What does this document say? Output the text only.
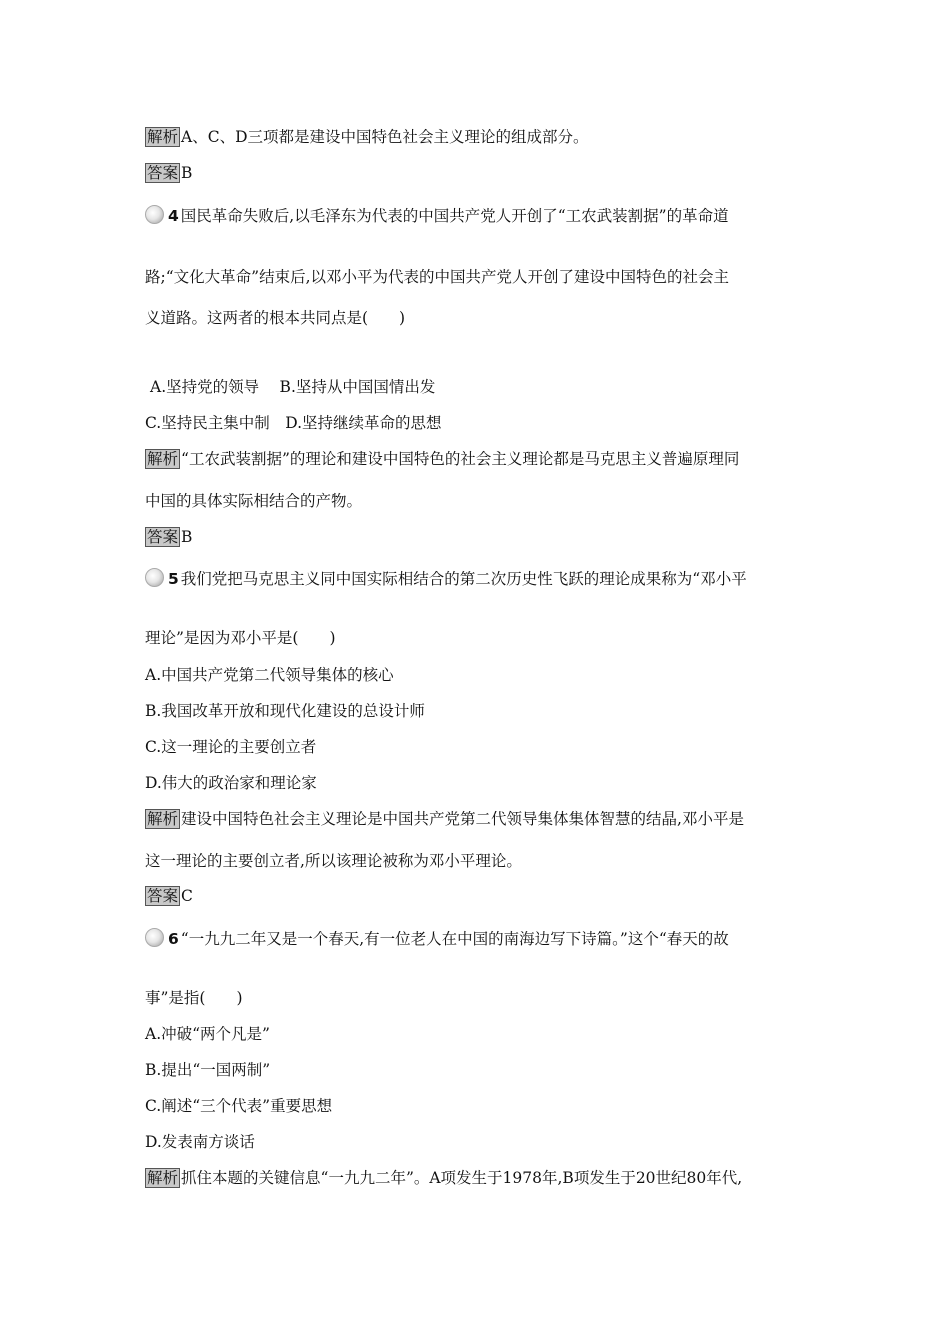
解析 A、C、D三项都是建设中国特色社会主义理论的组成部分。
答案 B
4 国民革命失败后,以毛泽东为代表的中国共产党人开创了“工农武装割据”的革命道
路;“文化大革命”结束后,以邓小平为代表的中国共产党人开创了建设中国特色的社会主
义道路。这两者的根本共同点是(　　)
A.坚持党的领导　 B.坚持从中国国情出发
C.坚持民主集中制　D.坚持继续革命的思想
解析 “工农武装割据”的理论和建设中国特色的社会主义理论都是马克思主义普遍原理同
中国的具体实际相结合的产物。
答案 B
5 我们党把马克思主义同中国实际相结合的第二次历史性飞跃的理论成果称为“邓小平
理论”是因为邓小平是(　　)
A.中国共产党第二代领导集体的核心
B.我国改革开放和现代化建设的总设计师
C.这一理论的主要创立者
D.伟大的政治家和理论家
解析 建设中国特色社会主义理论是中国共产党第二代领导集体集体智慧的结晶,邓小平是
这一理论的主要创立者,所以该理论被称为邓小平理论。
答案 C
6 “一九九二年又是一个春天,有一位老人在中国的南海边写下诗篇。”这个“春天的故
事”是指(　　)
A.冲破“两个凡是”
B.提出“一国两制”
C.阐述“三个代表”重要思想
D.发表南方谈话
解析 抓住本题的关键信息“一九九二年”。A项发生于1978年,B项发生于20世纪80年代,
